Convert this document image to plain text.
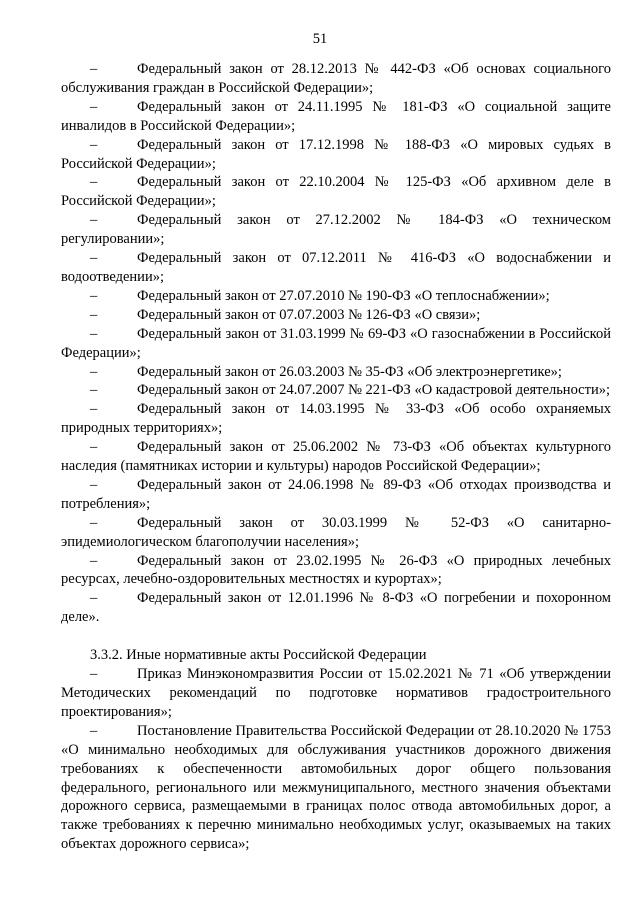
51

–	Федеральный закон от 28.12.2013 № 442-ФЗ «Об основах социального обслуживания граждан в Российской Федерации»;

–	Федеральный закон от 24.11.1995 № 181-ФЗ «О социальной защите инвалидов в Российской Федерации»;

–	Федеральный закон от 17.12.1998 № 188-ФЗ «О мировых судьях в Российской Федерации»;

–	Федеральный закон от 22.10.2004 № 125-ФЗ «Об архивном деле в Российской Федерации»;

–	Федеральный закон от 27.12.2002 № 184-ФЗ «О техническом регулировании»;

–	Федеральный закон от 07.12.2011 № 416-ФЗ «О водоснабжении и водоотведении»;

–	Федеральный закон от 27.07.2010 № 190-ФЗ «О теплоснабжении»;

–	Федеральный закон от 07.07.2003 № 126-ФЗ «О связи»;

–	Федеральный закон от 31.03.1999 № 69-ФЗ «О газоснабжении в Российской Федерации»;

–	Федеральный закон от 26.03.2003 № 35-ФЗ «Об электроэнергетике»;

–	Федеральный закон от 24.07.2007 № 221-ФЗ «О кадастровой деятельности»;

–	Федеральный закон от 14.03.1995 № 33-ФЗ «Об особо охраняемых природных территориях»;

–	Федеральный закон от 25.06.2002 № 73-ФЗ «Об объектах культурного наследия (памятниках истории и культуры) народов Российской Федерации»;

–	Федеральный закон от 24.06.1998 № 89-ФЗ «Об отходах производства и потребления»;

–	Федеральный закон от 30.03.1999 № 52-ФЗ «О санитарно-эпидемиологическом благополучии населения»;

–	Федеральный закон от 23.02.1995 № 26-ФЗ «О природных лечебных ресурсах, лечебно-оздоровительных местностях и курортах»;

–	Федеральный закон от 12.01.1996 № 8-ФЗ «О погребении и похоронном деле».

3.3.2. Иные нормативные акты Российской Федерации

–	Приказ Минэкономразвития России от 15.02.2021 № 71 «Об утверждении Методических рекомендаций по подготовке нормативов градостроительного проектирования»;

–	Постановление Правительства Российской Федерации от 28.10.2020 № 1753 «О минимально необходимых для обслуживания участников дорожного движения требованиях к обеспеченности автомобильных дорог общего пользования федерального, регионального или межмуниципального, местного значения объектами дорожного сервиса, размещаемыми в границах полос отвода автомобильных дорог, а также требованиях к перечню минимально необходимых услуг, оказываемых на таких объектах дорожного сервиса»;
